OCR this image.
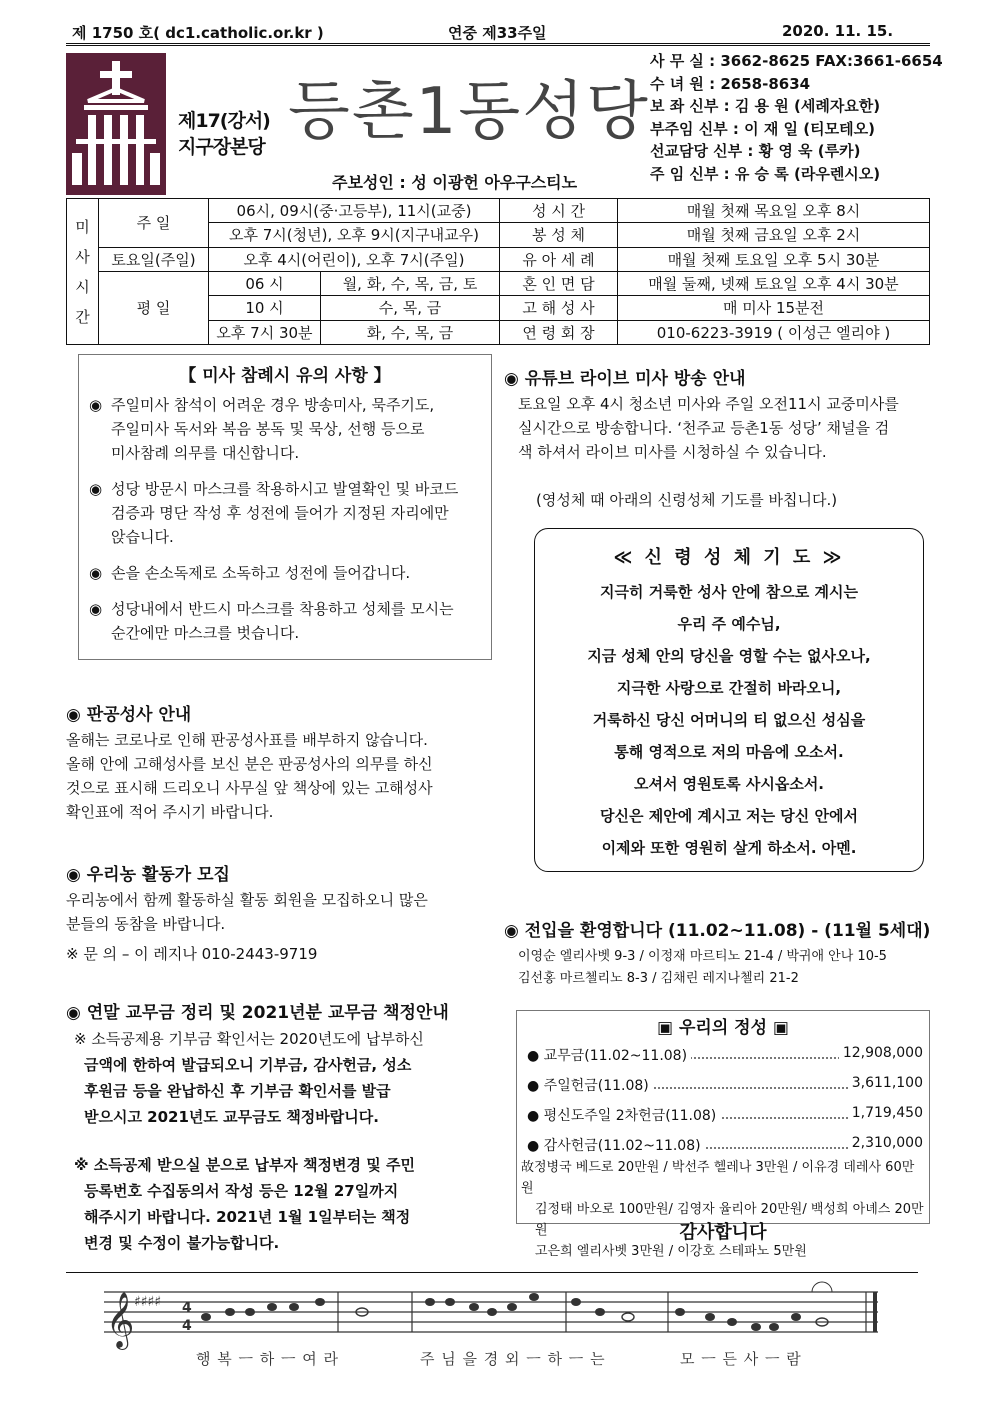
제 1750 호( dc1.catholic.or.kr )	연중 제33주일	2020. 11. 15.
제17(강서)
지구장본당 등촌1동성당
주보성인 : 성 이광헌 아우구스티노
사 무 실 : 3662-8625 FAX:3661-6654
수 녀 원 : 2658-8634
보 좌 신부 : 김 용 원 (세례자요한)
부주임 신부 : 이 재 일 (티모테오)
선교담당 신부 : 황 영 욱 (루카)
주 임 신부 : 유 승 록 (라우렌시오)
미
사
시
간	주 일	06시, 09시(중·고등부), 11시(교중)		성 시 간	매월 첫째 목요일 오후 8시
		오후 7시(청년), 오후 9시(지구내교우)		봉 성 체	매월 첫째 금요일 오후 2시
	토요일(주일)	오후 4시(어린이), 오후 7시(주일)		유 아 세 례	매월 첫째 토요일 오후 5시 30분
	평 일	06 시	월, 화, 수, 목, 금, 토	혼 인 면 담	매월 둘째, 넷째 토요일 오후 4시 30분
		10 시	수, 목, 금	고 해 성 사	매 미사 15분전
		오후 7시 30분	화, 수, 목, 금	연 령 회 장	010-6223-3919 ( 이성근 엘리야 )
【 미사 참례시 유의 사항 】
◉ 주일미사 참석이 어려운 경우 방송미사, 묵주기도,
주일미사 독서와 복음 봉독 및 묵상, 선행 등으로
미사참례 의무를 대신합니다.
◉ 성당 방문시 마스크를 착용하시고 발열확인 및 바코드
검증과 명단 작성 후 성전에 들어가 지정된 자리에만
앉습니다.
◉ 손을 손소독제로 소독하고 성전에 들어갑니다.
◉ 성당내에서 반드시 마스크를 착용하고 성체를 모시는
순간에만 마스크를 벗습니다.
◉ 판공성사 안내
올해는 코로나로 인해 판공성사표를 배부하지 않습니다.
올해 안에 고해성사를 보신 분은 판공성사의 의무를 하신
것으로 표시해 드리오니 사무실 앞 책상에 있는 고해성사
확인표에 적어 주시기 바랍니다.
◉ 우리농 활동가 모집
우리농에서 함께 활동하실 활동 회원을 모집하오니 많은
분들의 동참을 바랍니다.
※ 문 의 – 이 레지나 010-2443-9719
◉ 연말 교무금 정리 및 2021년분 교무금 책정안내
※ 소득공제용 기부금 확인서는 2020년도에 납부하신
금액에 한하여 발급되오니 기부금, 감사헌금, 성소
후원금 등을 완납하신 후 기부금 확인서를 발급
받으시고 2021년도 교무금도 책정바랍니다.
※ 소득공제 받으실 분으로 납부자 책정변경 및 주민
등록번호 수집동의서 작성 등은 12월 27일까지
해주시기 바랍니다. 2021년 1월 1일부터는 책정
변경 및 수정이 불가능합니다.
◉ 유튜브 라이브 미사 방송 안내
토요일 오후 4시 청소년 미사와 주일 오전11시 교중미사를
실시간으로 방송합니다. ‘천주교 등촌1동 성당’ 채널을 검
색 하셔서 라이브 미사를 시청하실 수 있습니다.
(영성체 때 아래의 신령성체 기도를 바칩니다.)
≪ 신 령 성 체 기 도 ≫
지극히 거룩한 성사 안에 참으로 계시는
우리 주 예수님,
지금 성체 안의 당신을 영할 수는 없사오나,
지극한 사랑으로 간절히 바라오니,
거룩하신 당신 어머니의 티 없으신 성심을
통해 영적으로 저의 마음에 오소서.
오셔서 영원토록 사시옵소서.
당신은 제안에 계시고 저는 당신 안에서
이제와 또한 영원히 살게 하소서. 아멘.
◉ 전입을 환영합니다 (11.02~11.08) - (11월 5세대)
이영순 엘리사벳 9-3 / 이정재 마르티노 21-4 / 박귀애 안나 10-5
김선홍 마르첼리노 8-3 / 김채린 레지나첼리 21-2
▣ 우리의 정성 ▣
● 교무금(11.02~11.08)	12,908,000
● 주일헌금(11.08)	3,611,100
● 평신도주일 2차헌금(11.08)	1,719,450
● 감사헌금(11.02~11.08)	2,310,000
故정병국 베드로 20만원 / 박선주 헬레나 3만원 / 이유경 데레사 60만원
김정태 바오로 100만원/ 김영자 율리아 20만원/ 백성희 아녜스 20만원
고은희 엘리사벳 3만원 / 이강호 스테파노 5만원
감사합니다
𝄞 ♯♯♯♯ 4
4
행 복 ㅡ 하 ㅡ 여 라	주 님 을 경 외 ㅡ 하 ㅡ 는	모 ㅡ 든 사 ㅡ 람
